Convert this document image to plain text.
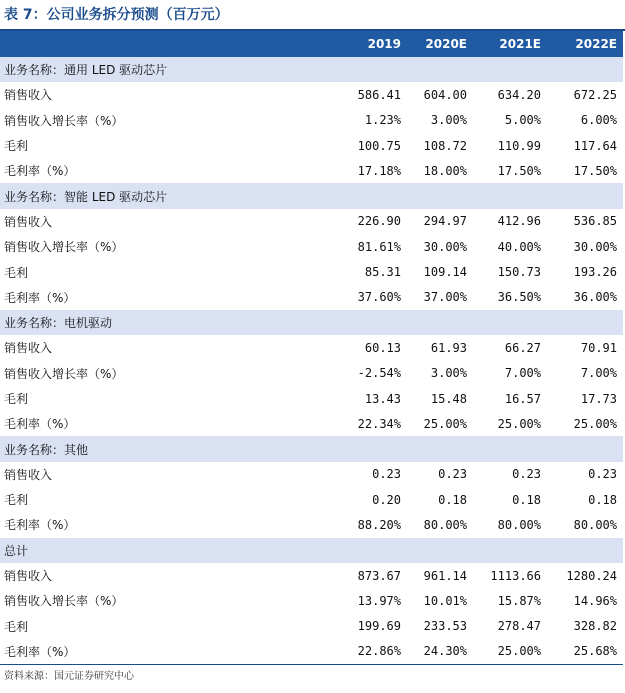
表 7：公司业务拆分预测（百万元）
	2019	2020E	2021E	2022E
业务名称：通用 LED 驱动芯片				
销售收入	586.41	604.00	634.20	672.25
销售收入增长率（%）	1.23%	3.00%	5.00%	6.00%
毛利	100.75	108.72	110.99	117.64
毛利率（%）	17.18%	18.00%	17.50%	17.50%
业务名称：智能 LED 驱动芯片				
销售收入	226.90	294.97	412.96	536.85
销售收入增长率（%）	81.61%	30.00%	40.00%	30.00%
毛利	85.31	109.14	150.73	193.26
毛利率（%）	37.60%	37.00%	36.50%	36.00%
业务名称：电机驱动				
销售收入	60.13	61.93	66.27	70.91
销售收入增长率（%）	-2.54%	3.00%	7.00%	7.00%
毛利	13.43	15.48	16.57	17.73
毛利率（%）	22.34%	25.00%	25.00%	25.00%
业务名称：其他				
销售收入	0.23	0.23	0.23	0.23
毛利	0.20	0.18	0.18	0.18
毛利率（%）	88.20%	80.00%	80.00%	80.00%
总计				
销售收入	873.67	961.14	1113.66	1280.24
销售收入增长率（%）	13.97%	10.01%	15.87%	14.96%
毛利	199.69	233.53	278.47	328.82
毛利率（%）	22.86%	24.30%	25.00%	25.68%
资料来源：国元证券研究中心
